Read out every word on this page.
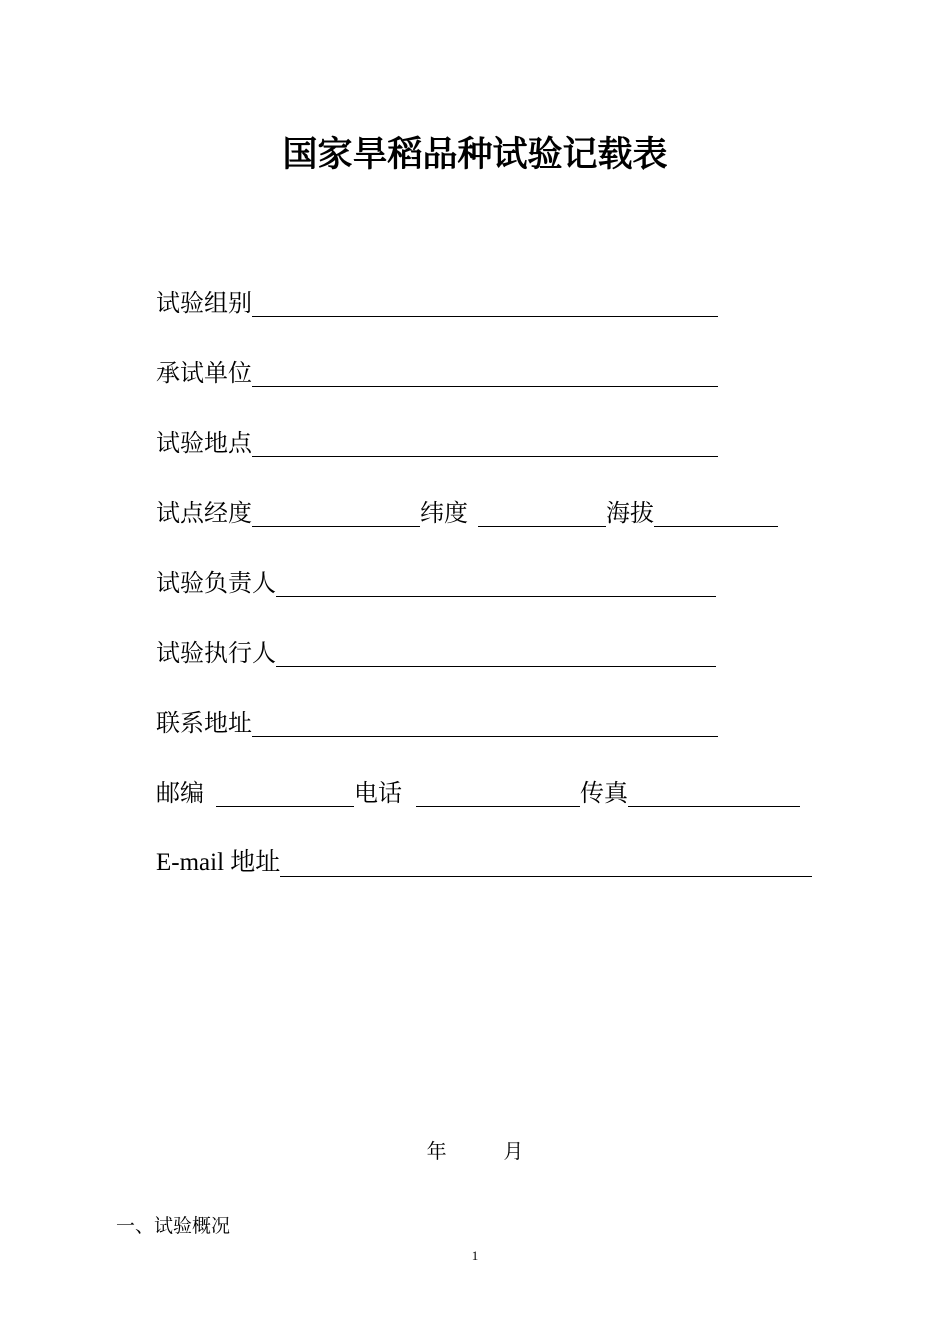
国家旱稻品种试验记载表
试验组别
承试单位
试验地点
试点经度	纬度	海拔
试验负责人
试验执行人
联系地址
邮编	电话	传真
E-mail 地址
年	月
一、试验概况
1
